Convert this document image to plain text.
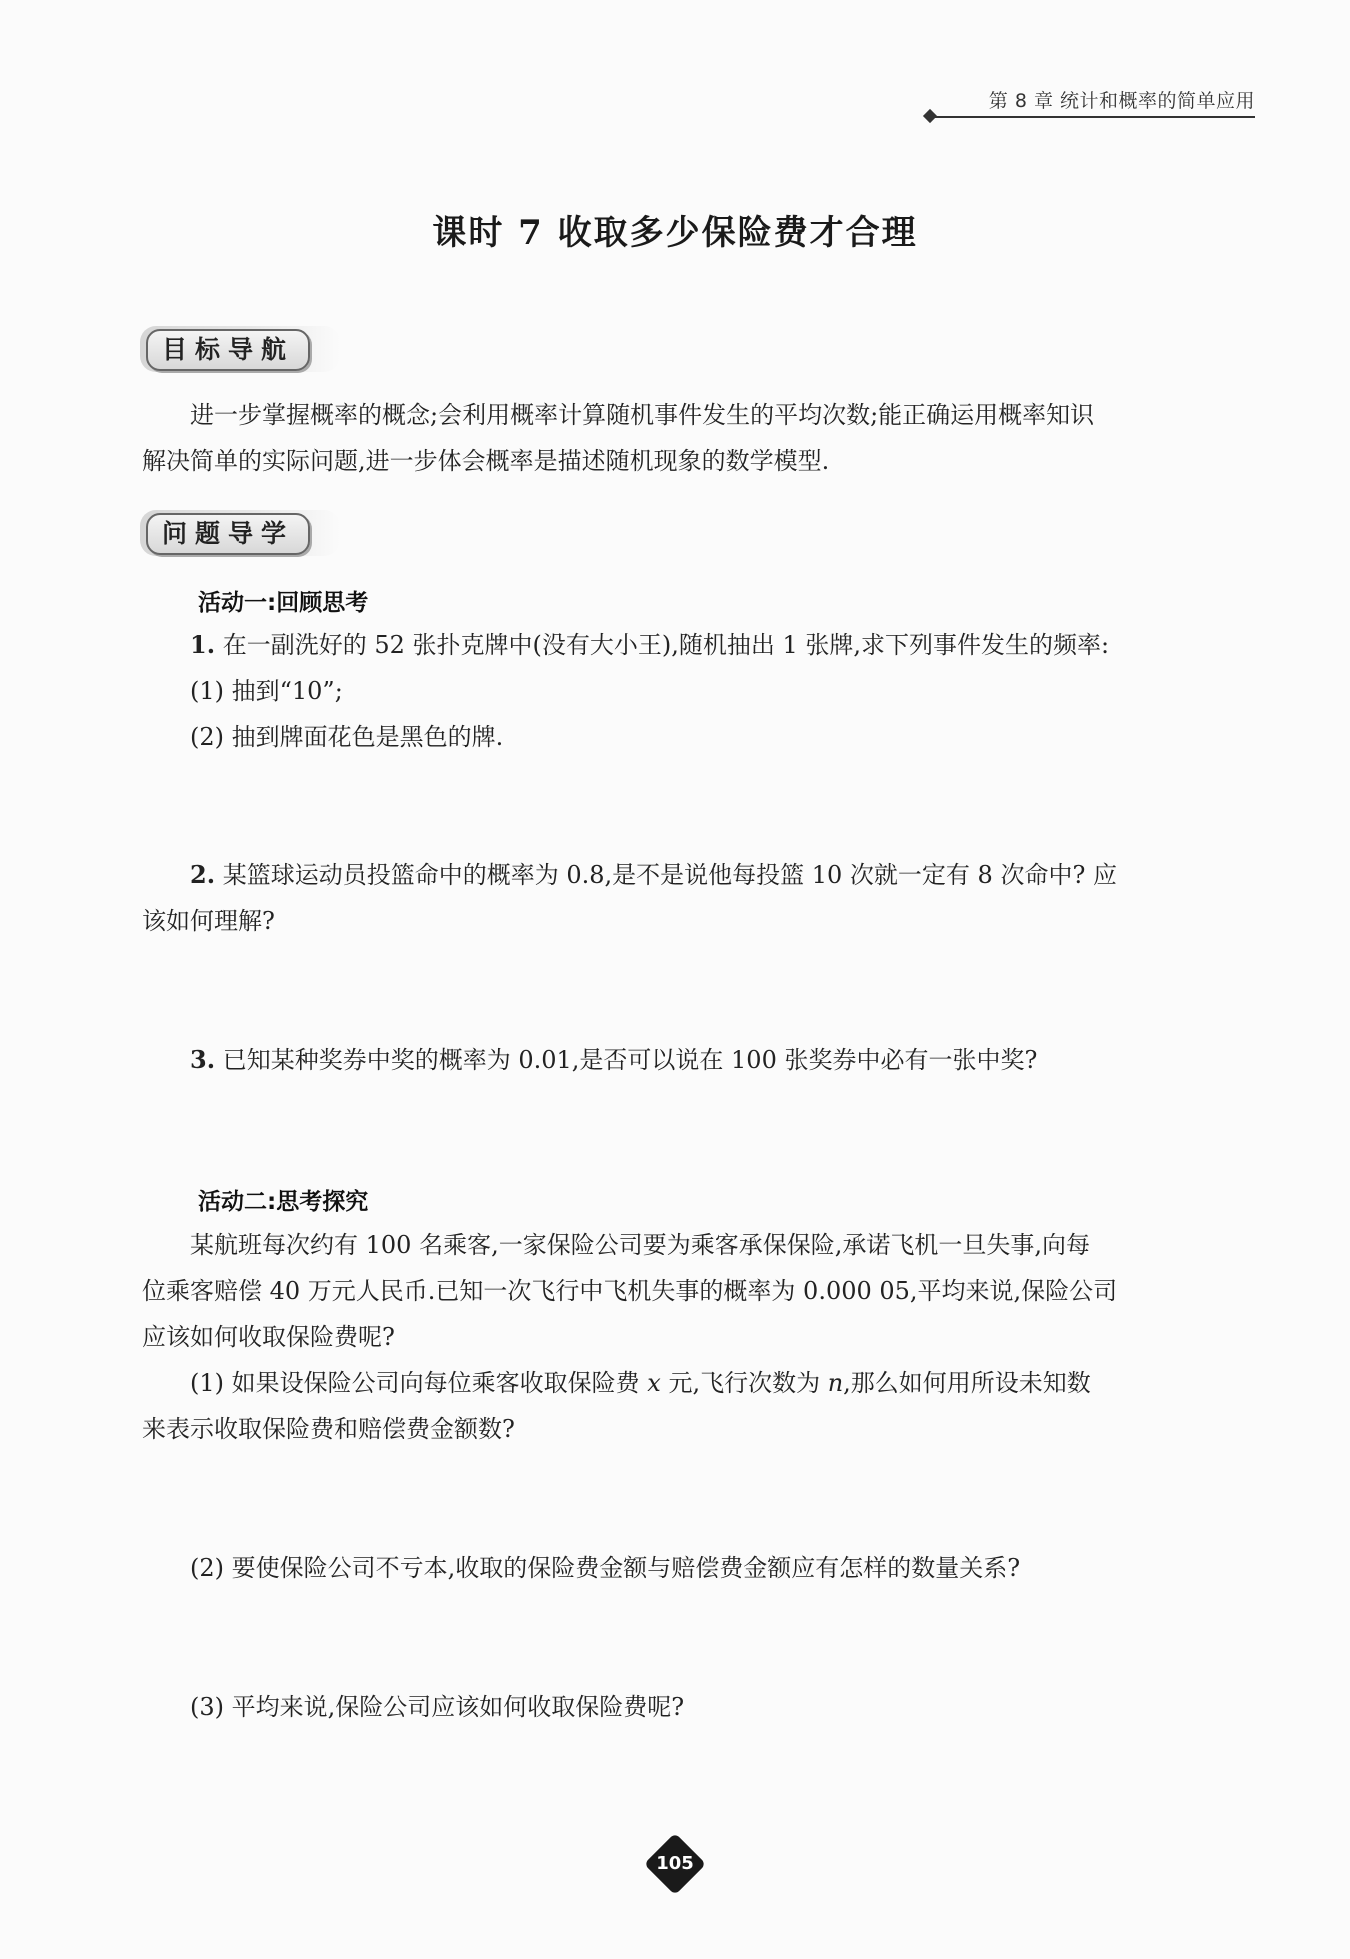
第 8 章 统计和概率的简单应用
课时 7 收取多少保险费才合理
目标导航
进一步掌握概率的概念;会利用概率计算随机事件发生的平均次数;能正确运用概率知识
解决简单的实际问题,进一步体会概率是描述随机现象的数学模型.
问题导学
活动一:回顾思考
1. 在一副洗好的 52 张扑克牌中(没有大小王),随机抽出 1 张牌,求下列事件发生的频率:
(1) 抽到“10”;
(2) 抽到牌面花色是黑色的牌.
2. 某篮球运动员投篮命中的概率为 0.8,是不是说他每投篮 10 次就一定有 8 次命中? 应
该如何理解?
3. 已知某种奖券中奖的概率为 0.01,是否可以说在 100 张奖券中必有一张中奖?
活动二:思考探究
某航班每次约有 100 名乘客,一家保险公司要为乘客承保保险,承诺飞机一旦失事,向每
位乘客赔偿 40 万元人民币.已知一次飞行中飞机失事的概率为 0.000 05,平均来说,保险公司
应该如何收取保险费呢?
(1) 如果设保险公司向每位乘客收取保险费 x 元,飞行次数为 n,那么如何用所设未知数
来表示收取保险费和赔偿费金额数?
(2) 要使保险公司不亏本,收取的保险费金额与赔偿费金额应有怎样的数量关系?
(3) 平均来说,保险公司应该如何收取保险费呢?
105
